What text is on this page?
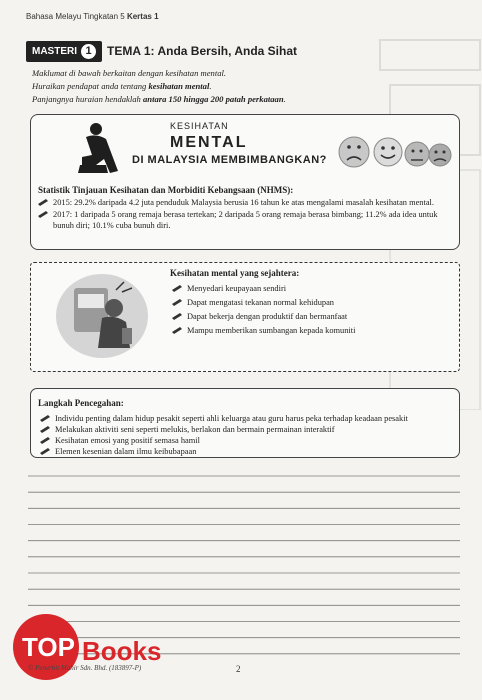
Bahasa Melayu Tingkatan 5 Kertas 1
MASTERI 1	TEMA 1: Anda Bersih, Anda Sihat
Maklumat di bawah berkaitan dengan kesihatan mental.
Huraikan pendapat anda tentang kesihatan mental.
Panjangnya huraian hendaklah antara 150 hingga 200 patah perkataan.
KESIHATAN
MENTAL
DI MALAYSIA MEMBIMBANGKAN?
Statistik Tinjauan Kesihatan dan Morbiditi Kebangsaan (NHMS):
2015: 29.2% daripada 4.2 juta penduduk Malaysia berusia 16 tahun ke atas mengalami masalah kesihatan mental.
2017: 1 daripada 5 orang remaja berasa tertekan; 2 daripada 5 orang remaja berasa bimbang; 11.2% ada idea untuk bunuh diri; 10.1% cuba bunuh diri.
Kesihatan mental yang sejahtera:
Menyedari keupayaan sendiri
Dapat mengatasi tekanan normal kehidupan
Dapat bekerja dengan produktif dan bermanfaat
Mampu memberikan sumbangan kepada komuniti
Langkah Pencegahan:
Individu penting dalam hidup pesakit seperti ahli keluarga atau guru harus peka terhadap keadaan pesakit
Melakukan aktiviti seni seperti melukis, berlakon dan bermain permainan interaktif
Kesihatan emosi yang positif semasa hamil
Elemen kesenian dalam ilmu keibubapaan
TOP Books
© Penerbit Mahir Sdn. Bhd. (183897-P)	2
